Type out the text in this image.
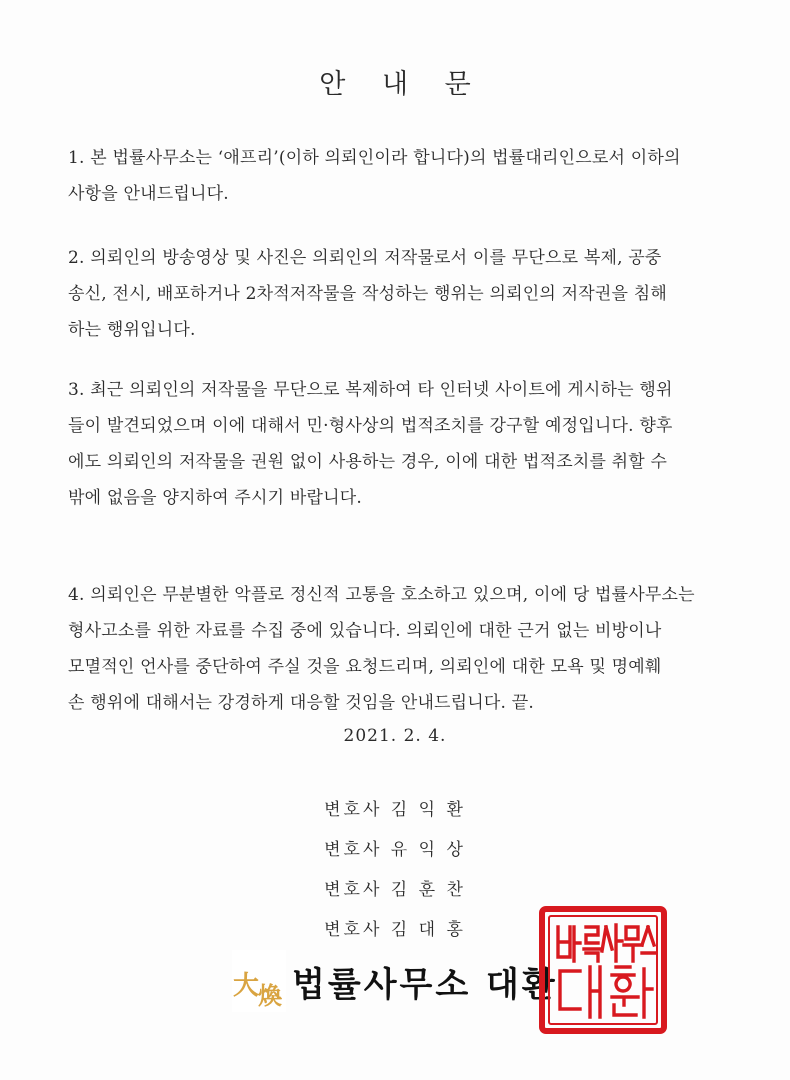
안 내 문

1. 본 법률사무소는 ‘애프리’(이하 의뢰인이라 합니다)의 법률대리인으로서 이하의
사항을 안내드립니다.

2. 의뢰인의 방송영상 및 사진은 의뢰인의 저작물로서 이를 무단으로 복제, 공중
송신, 전시, 배포하거나 2차적저작물을 작성하는 행위는 의뢰인의 저작권을 침해
하는 행위입니다.

3. 최근 의뢰인의 저작물을 무단으로 복제하여 타 인터넷 사이트에 게시하는 행위
들이 발견되었으며 이에 대해서 민·형사상의 법적조치를 강구할 예정입니다. 향후
에도 의뢰인의 저작물을 권원 없이 사용하는 경우, 이에 대한 법적조치를 취할 수
밖에 없음을 양지하여 주시기 바랍니다.

4. 의뢰인은 무분별한 악플로 정신적 고통을 호소하고 있으며, 이에 당 법률사무소는
형사고소를 위한 자료를 수집 중에 있습니다. 의뢰인에 대한 근거 없는 비방이나
모멸적인 언사를 중단하여 주실 것을 요청드리며, 의뢰인에 대한 모욕 및 명예훼
손 행위에 대해서는 강경하게 대응할 것임을 안내드립니다. 끝.

2021. 2. 4.
변호사 김 익 환
변호사 유 익 상
변호사 김 훈 찬
변호사 김 대 홍
大
煥 법률사무소 대환
